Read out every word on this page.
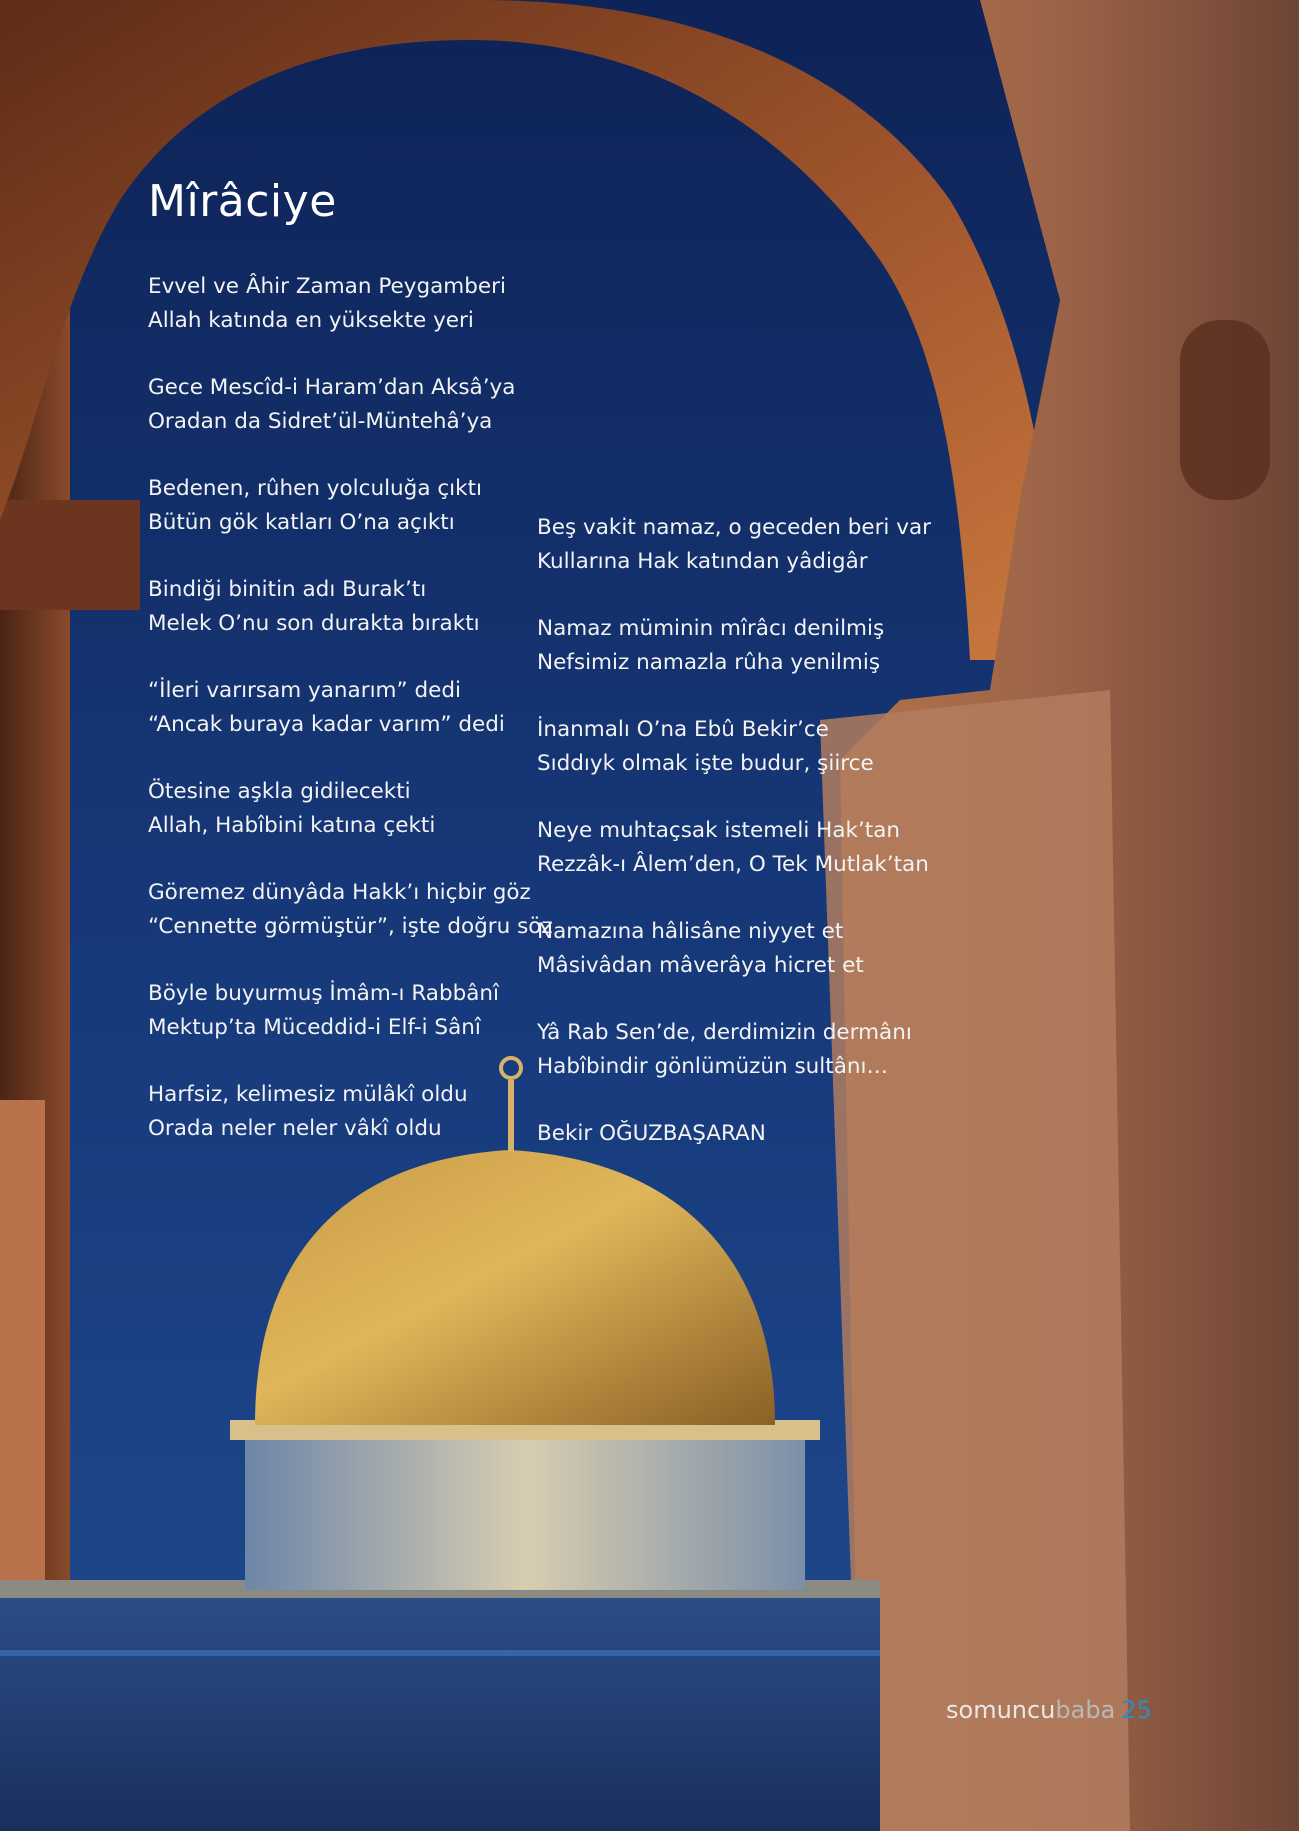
Mîrâciye

Evvel ve Âhir Zaman Peygamberi
Allah katında en yüksekte yeri

Gece Mescîd-i Haram’dan Aksâ’ya
Oradan da Sidret’ül-Müntehâ’ya

Bedenen, rûhen yolculuğa çıktı
Bütün gök katları O’na açıktı

Bindiği binitin adı Burak’tı
Melek O’nu son durakta bıraktı

“İleri varırsam yanarım” dedi
“Ancak buraya kadar varım” dedi

Ötesine aşkla gidilecekti
Allah, Habîbini katına çekti

Göremez dünyâda Hakk’ı hiçbir göz
“Cennette görmüştür”, işte doğru söz

Böyle buyurmuş İmâm-ı Rabbânî
Mektup’ta Müceddid-i Elf-i Sânî

Harfsiz, kelimesiz mülâkî oldu
Orada neler neler vâkî oldu

Beş vakit namaz, o geceden beri var
Kullarına Hak katından yâdigâr

Namaz müminin mîrâcı denilmiş
Nefsimiz namazla rûha yenilmiş

İnanmalı O’na Ebû Bekir’ce
Sıddıyk olmak işte budur, şiirce

Neye muhtaçsak istemeli Hak’tan
Rezzâk-ı Âlem’den, O Tek Mutlak’tan

Namazına hâlisâne niyyet et
Mâsivâdan mâverâya hicret et

Yâ Rab Sen’de, derdimizin dermânı
Habîbindir gönlümüzün sultânı…

Bekir OĞUZBAŞARAN
somuncubaba 25
